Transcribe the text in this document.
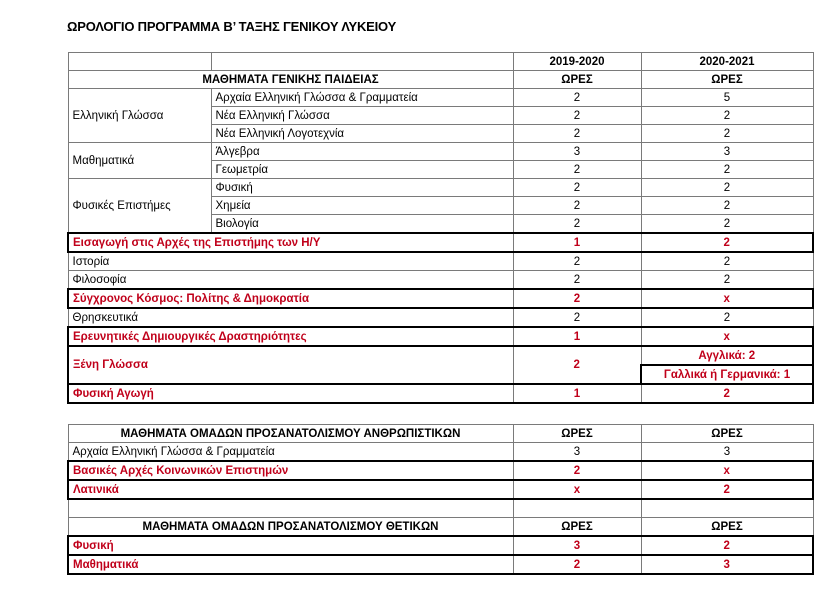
ΩΡΟΛΟΓΙΟ ΠΡΟΓΡΑΜΜΑ Β’ ΤΑΞΗΣ ΓΕΝΙΚΟΥ ΛΥΚΕΙΟΥ
		2019-2020	2020-2021
ΜΑΘΗΜΑΤΑ ΓΕΝΙΚΗΣ ΠΑΙΔΕΙΑΣ		ΩΡΕΣ	ΩΡΕΣ
Ελληνική Γλώσσα	Αρχαία Ελληνική Γλώσσα & Γραμματεία	2	5
	Νέα Ελληνική Γλώσσα	2	2
	Νέα Ελληνική Λογοτεχνία	2	2
Μαθηματικά	Άλγεβρα	3	3
	Γεωμετρία	2	2
Φυσικές Επιστήμες	Φυσική	2	2
	Χημεία	2	2
	Βιολογία	2	2
Εισαγωγή στις Αρχές της Επιστήμης των Η/Υ		1	2
Ιστορία		2	2
Φιλοσοφία		2	2
Σύγχρονος Κόσμος: Πολίτης & Δημοκρατία		2	x
Θρησκευτικά		2	2
Ερευνητικές Δημιουργικές Δραστηριότητες		1	x
Ξένη Γλώσσα		2	Αγγλικά: 2
			Γαλλικά ή Γερμανικά: 1
Φυσική Αγωγή		1	2
ΜΑΘΗΜΑΤΑ ΟΜΑΔΩΝ ΠΡΟΣΑΝΑΤΟΛΙΣΜΟΥ ΑΝΘΡΩΠΙΣΤΙΚΩΝ	ΩΡΕΣ	ΩΡΕΣ
Αρχαία Ελληνική Γλώσσα & Γραμματεία	3	3
Βασικές Αρχές Κοινωνικών Επιστημών	2	x
Λατινικά	x	2

ΜΑΘΗΜΑΤΑ ΟΜΑΔΩΝ ΠΡΟΣΑΝΑΤΟΛΙΣΜΟΥ ΘΕΤΙΚΩΝ	ΩΡΕΣ	ΩΡΕΣ
Φυσική	3	2
Μαθηματικά	2	3
